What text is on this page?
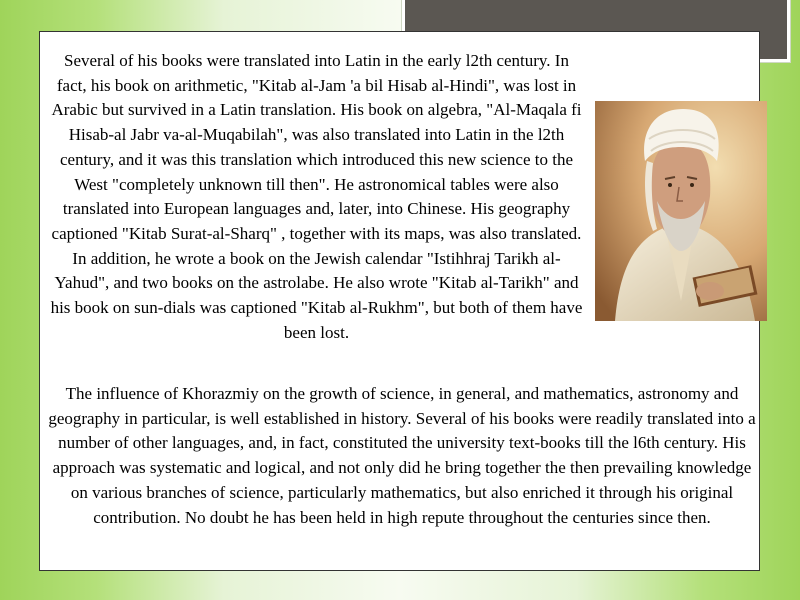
Several of his books were translated into Latin in the early l2th century. In fact, his book on arithmetic, "Kitab al-Jam 'a bil Hisab al-Hindi", was lost in Arabic but survived in a Latin translation. His book on algebra, "Al-Maqala fi Hisab-al Jabr va-al-Muqabilah", was also translated into Latin in the l2th century, and it was this translation which introduced this new science to the West "completely unknown till then". He astronomical tables were also translated into European languages and, later, into Chinese. His geography captioned "Kitab Surat-al-Sharq" , together with its maps, was also translated. In addition, he wrote a book on the Jewish calendar "Istihhraj Tarikh al-Yahud", and two books on the astrolabe. He also wrote "Kitab al-Tarikh" and his book on sun-dials was captioned "Kitab al-Rukhm", but both of them have been lost.

The influence of Khorazmiy on the growth of science, in general, and mathematics, astronomy and geography in particular, is well established in history. Several of his books were readily translated into a number of other languages, and, in fact, constituted the university text-books till the l6th century. His approach was systematic and logical, and not only did he bring together the then prevailing knowledge on various branches of science, particularly mathematics, but also enriched it through his original contribution. No doubt he has been held in high repute throughout the centuries since then.
